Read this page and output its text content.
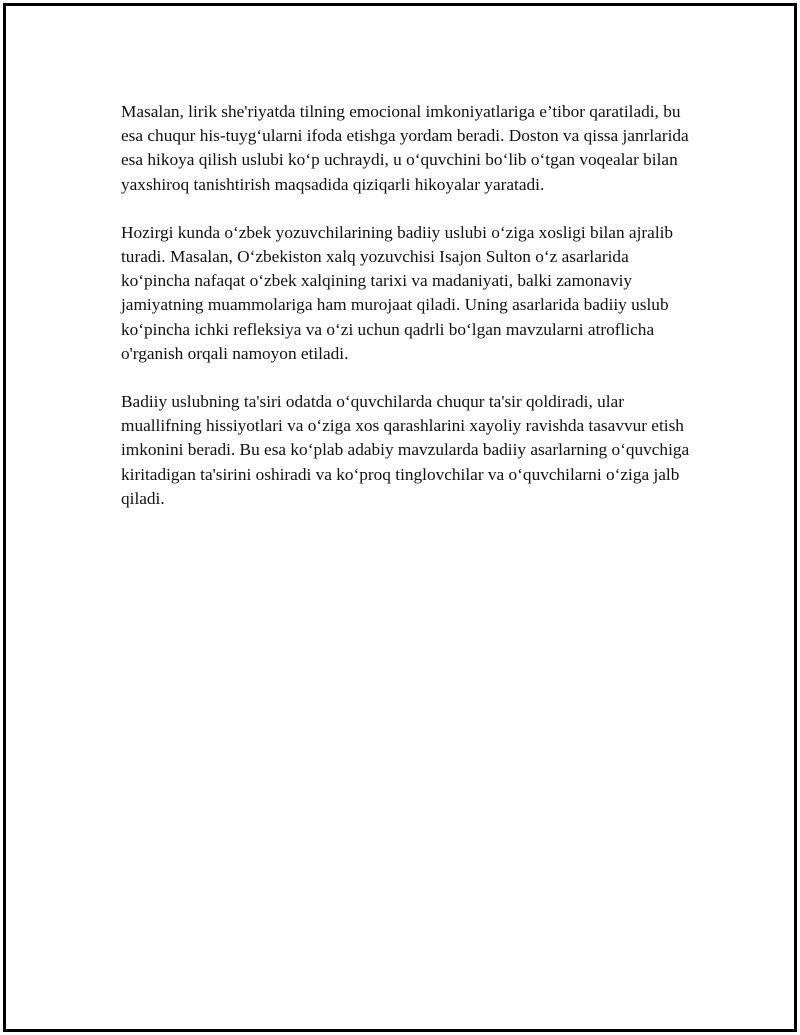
Masalan, lirik she'riyatda tilning emocional imkoniyatlariga e’tibor qaratiladi, bu esa chuqur his-tuyg‘ularni ifoda etishga yordam beradi. Doston va qissa janrlarida esa hikoya qilish uslubi ko‘p uchraydi, u o‘quvchini bo‘lib o‘tgan voqealar bilan yaxshiroq tanishtirish maqsadida qiziqarli hikoyalar yaratadi.

Hozirgi kunda o‘zbek yozuvchilarining badiiy uslubi o‘ziga xosligi bilan ajralib turadi. Masalan, O‘zbekiston xalq yozuvchisi Isajon Sulton o‘z asarlarida ko‘pincha nafaqat o‘zbek xalqining tarixi va madaniyati, balki zamonaviy jamiyatning muammolariga ham murojaat qiladi. Uning asarlarida badiiy uslub ko‘pincha ichki refleksiya va o‘zi uchun qadrli bo‘lgan mavzularni atroflicha o'rganish orqali namoyon etiladi.

Badiiy uslubning ta'siri odatda o‘quvchilarda chuqur ta'sir qoldiradi, ular muallifning hissiyotlari va o‘ziga xos qarashlarini xayoliy ravishda tasavvur etish imkonini beradi. Bu esa ko‘plab adabiy mavzularda badiiy asarlarning o‘quvchiga kiritadigan ta'sirini oshiradi va ko‘proq tinglovchilar va o‘quvchilarni o‘ziga jalb qiladi.
